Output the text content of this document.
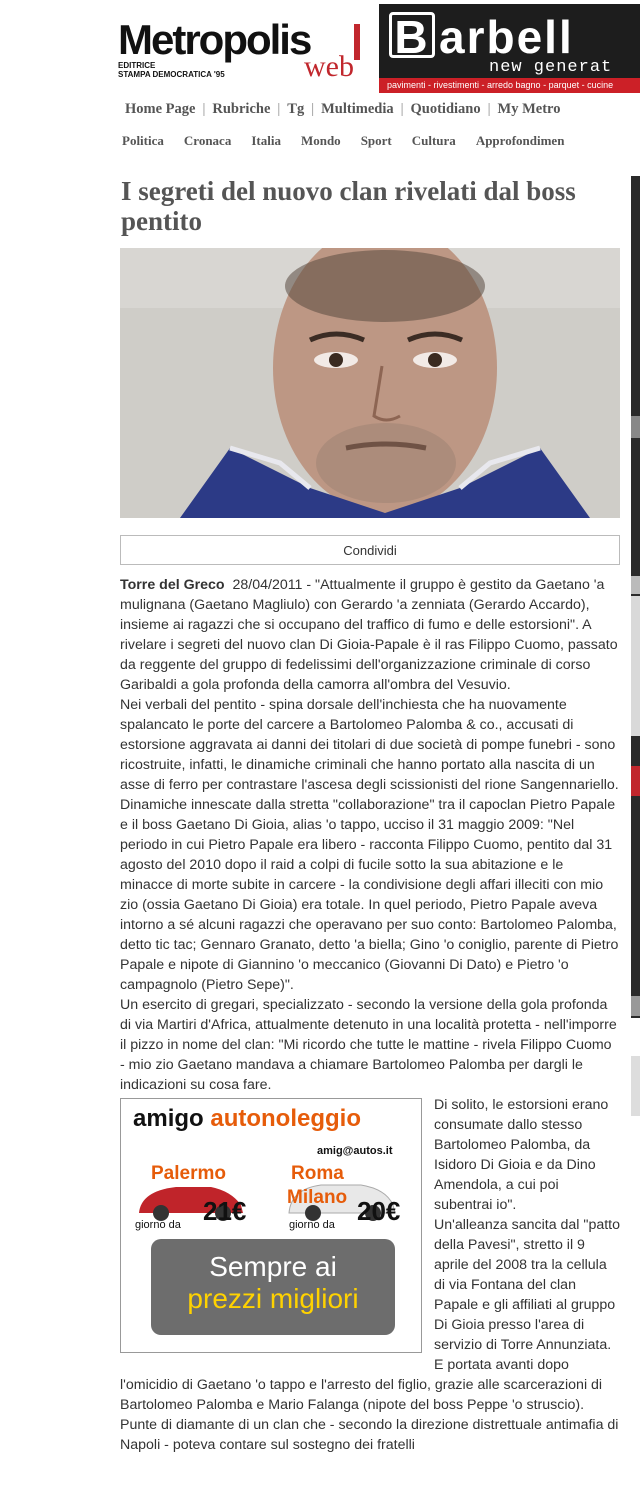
Metropolis
web
EDITRICE
STAMPA DEMOCRATICA '95
B arbell
new generat
pavimenti - rivestimenti - arredo bagno - parquet - cucine
Home Page | Rubriche | Tg | Multimedia | Quotidiano | My Metro
Politica Cronaca Italia Mondo Sport Cultura Approfondimen
I segreti del nuovo clan rivelati dal boss pentito
Condividi

Torre del Greco 28/04/2011 - "Attualmente il gruppo è gestito da Gaetano 'a mulignana (Gaetano Magliulo) con Gerardo 'a zenniata (Gerardo Accardo), insieme ai ragazzi che si occupano del traffico di fumo e delle estorsioni". A rivelare i segreti del nuovo clan Di Gioia-Papale è il ras Filippo Cuomo, passato da reggente del gruppo di fedelissimi dell'organizzazione criminale di corso Garibaldi a gola profonda della camorra all'ombra del Vesuvio.

Nei verbali del pentito - spina dorsale dell'inchiesta che ha nuovamente spalancato le porte del carcere a Bartolomeo Palomba & co., accusati di estorsione aggravata ai danni dei titolari di due società di pompe funebri - sono ricostruite, infatti, le dinamiche criminali che hanno portato alla nascita di un asse di ferro per contrastare l'ascesa degli scissionisti del rione Sangennariello. Dinamiche innescate dalla stretta "collaborazione" tra il capoclan Pietro Papale e il boss Gaetano Di Gioia, alias 'o tappo, ucciso il 31 maggio 2009: "Nel periodo in cui Pietro Papale era libero - racconta Filippo Cuomo, pentito dal 31 agosto del 2010 dopo il raid a colpi di fucile sotto la sua abitazione e le minacce di morte subite in carcere - la condivisione degli affari illeciti con mio zio (ossia Gaetano Di Gioia) era totale. In quel periodo, Pietro Papale aveva intorno a sé alcuni ragazzi che operavano per suo conto: Bartolomeo Palomba, detto tic tac; Gennaro Granato, detto 'a biella; Gino 'o coniglio, parente di Pietro Papale e nipote di Giannino 'o meccanico (Giovanni Di Dato) e Pietro 'o campagnolo (Pietro Sepe)".

Un esercito di gregari, specializzato - secondo la versione della gola profonda di via Martiri d'Africa, attualmente detenuto in una località protetta - nell'imporre il pizzo in nome del clan: "Mi ricordo che tutte le mattine - rivela Filippo Cuomo - mio zio Gaetano mandava a chiamare Bartolomeo Palomba per dargli le indicazioni su cosa fare.

amigo autonoleggio
amig@autos.it
Palermo	Roma
Milano
giorno da 21€	giorno da 20€
Sempre ai
prezzi migliori

Di solito, le estorsioni erano consumate dallo stesso Bartolomeo Palomba, da Isidoro Di Gioia e da Dino Amendola, a cui poi subentrai io".

Un'alleanza sancita dal "patto della Pavesi", stretto il 9 aprile del 2008 tra la cellula di via Fontana del clan Papale e gli affiliati al gruppo Di Gioia presso l'area di servizio di Torre Annunziata. E portata avanti dopo l'omicidio di Gaetano 'o tappo e l'arresto del figlio, grazie alle scarcerazioni di Bartolomeo Palomba e Mario Falanga (nipote del boss Peppe 'o struscio). Punte di diamante di un clan che - secondo la direzione distrettuale antimafia di Napoli - poteva contare sul sostegno dei fratelli
